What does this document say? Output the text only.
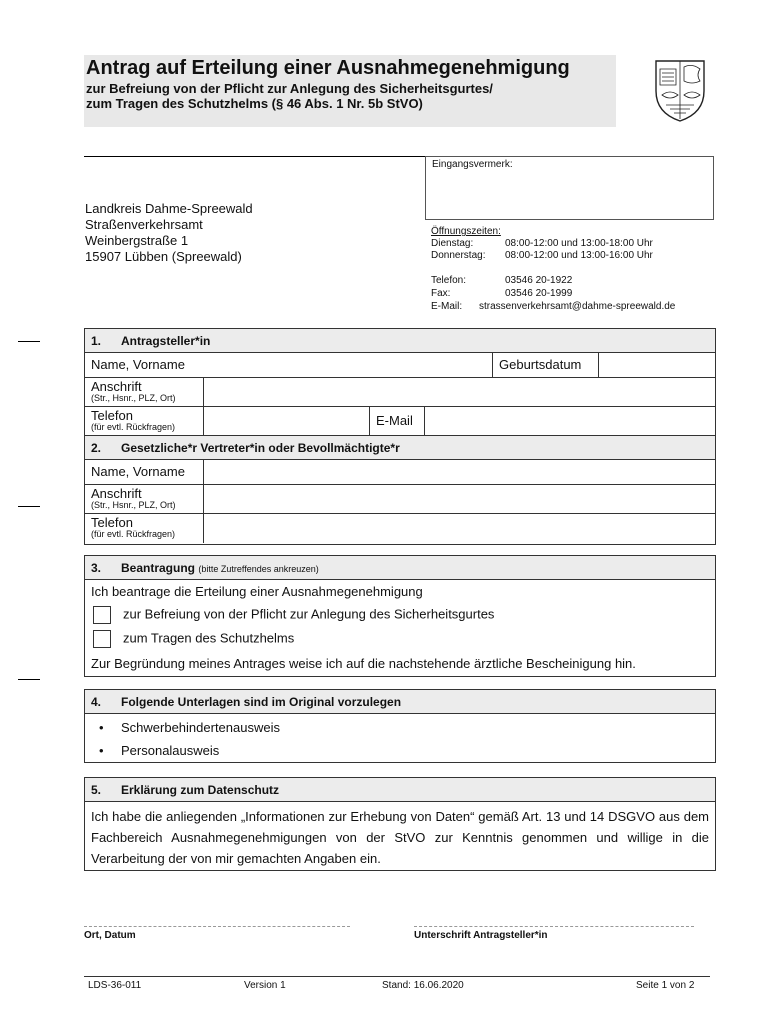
Antrag auf Erteilung einer Ausnahmegenehmigung
zur Befreiung von der Pflicht zur Anlegung des Sicherheitsgurtes/
zum Tragen des Schutzhelms (§ 46 Abs. 1 Nr. 5b StVO)
Eingangsvermerk:
Landkreis Dahme-Spreewald
Straßenverkehrsamt
Weinbergstraße 1
15907 Lübben (Spreewald)
Öffnungszeiten:
Dienstag:	08:00-12:00 und 13:00-18:00 Uhr
Donnerstag: 08:00-12:00 und 13:00-16:00 Uhr
Telefon:	03546 20-1922
Fax:	03546 20-1999
E-Mail: strassenverkehrsamt@dahme-spreewald.de
1. Antragsteller*in
Name, Vorname	Geburtsdatum
Anschrift
(Str., Hsnr., PLZ, Ort)
Telefon
(für evtl. Rückfragen)	E-Mail
2. Gesetzliche*r Vertreter*in oder Bevollmächtigte*r
Name, Vorname
Anschrift
(Str., Hsnr., PLZ, Ort)
Telefon
(für evtl. Rückfragen)
3. Beantragung (bitte Zutreffendes ankreuzen)
Ich beantrage die Erteilung einer Ausnahmegenehmigung
zur Befreiung von der Pflicht zur Anlegung des Sicherheitsgurtes
zum Tragen des Schutzhelms
Zur Begründung meines Antrages weise ich auf die nachstehende ärztliche Bescheinigung hin.
4. Folgende Unterlagen sind im Original vorzulegen
• Schwerbehindertenausweis
• Personalausweis
5. Erklärung zum Datenschutz
Ich habe die anliegenden „Informationen zur Erhebung von Daten“ gemäß Art. 13 und 14 DSGVO aus dem Fachbereich Ausnahmegenehmigungen von der StVO zur Kenntnis genommen und willige in die Verarbeitung der von mir gemachten Angaben ein.
Ort, Datum	Unterschrift Antragsteller*in
LDS-36-011	Version 1	Stand: 16.06.2020	Seite 1 von 2
